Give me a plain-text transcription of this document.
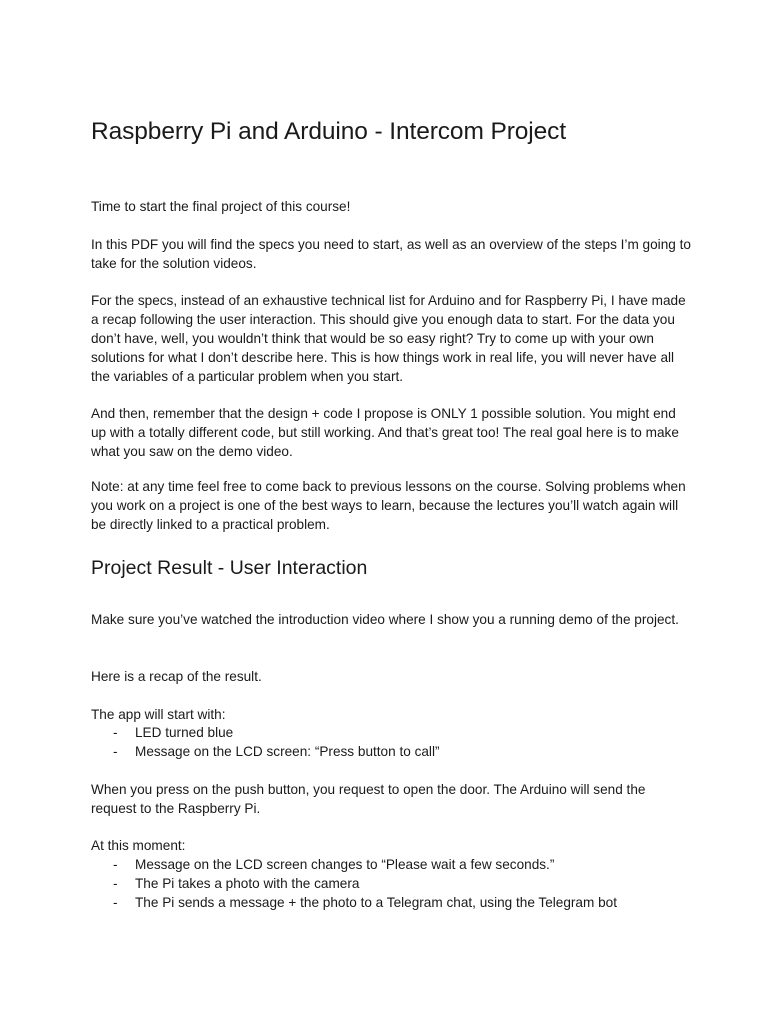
Raspberry Pi and Arduino - Intercom Project

Time to start the final project of this course!

In this PDF you will find the specs you need to start, as well as an overview of the steps I’m going to take for the solution videos.

For the specs, instead of an exhaustive technical list for Arduino and for Raspberry Pi, I have made a recap following the user interaction. This should give you enough data to start. For the data you don’t have, well, you wouldn’t think that would be so easy right? Try to come up with your own solutions for what I don’t describe here. This is how things work in real life, you will never have all the variables of a particular problem when you start.

And then, remember that the design + code I propose is ONLY 1 possible solution. You might end up with a totally different code, but still working. And that’s great too! The real goal here is to make what you saw on the demo video.

Note: at any time feel free to come back to previous lessons on the course. Solving problems when you work on a project is one of the best ways to learn, because the lectures you’ll watch again will be directly linked to a practical problem.

Project Result - User Interaction

Make sure you’ve watched the introduction video where I show you a running demo of the project.

Here is a recap of the result.

The app will start with:

- LED turned blue
- Message on the LCD screen: “Press button to call”

When you press on the push button, you request to open the door. The Arduino will send the request to the Raspberry Pi.

At this moment:

- Message on the LCD screen changes to “Please wait a few seconds.”
- The Pi takes a photo with the camera
- The Pi sends a message + the photo to a Telegram chat, using the Telegram bot
